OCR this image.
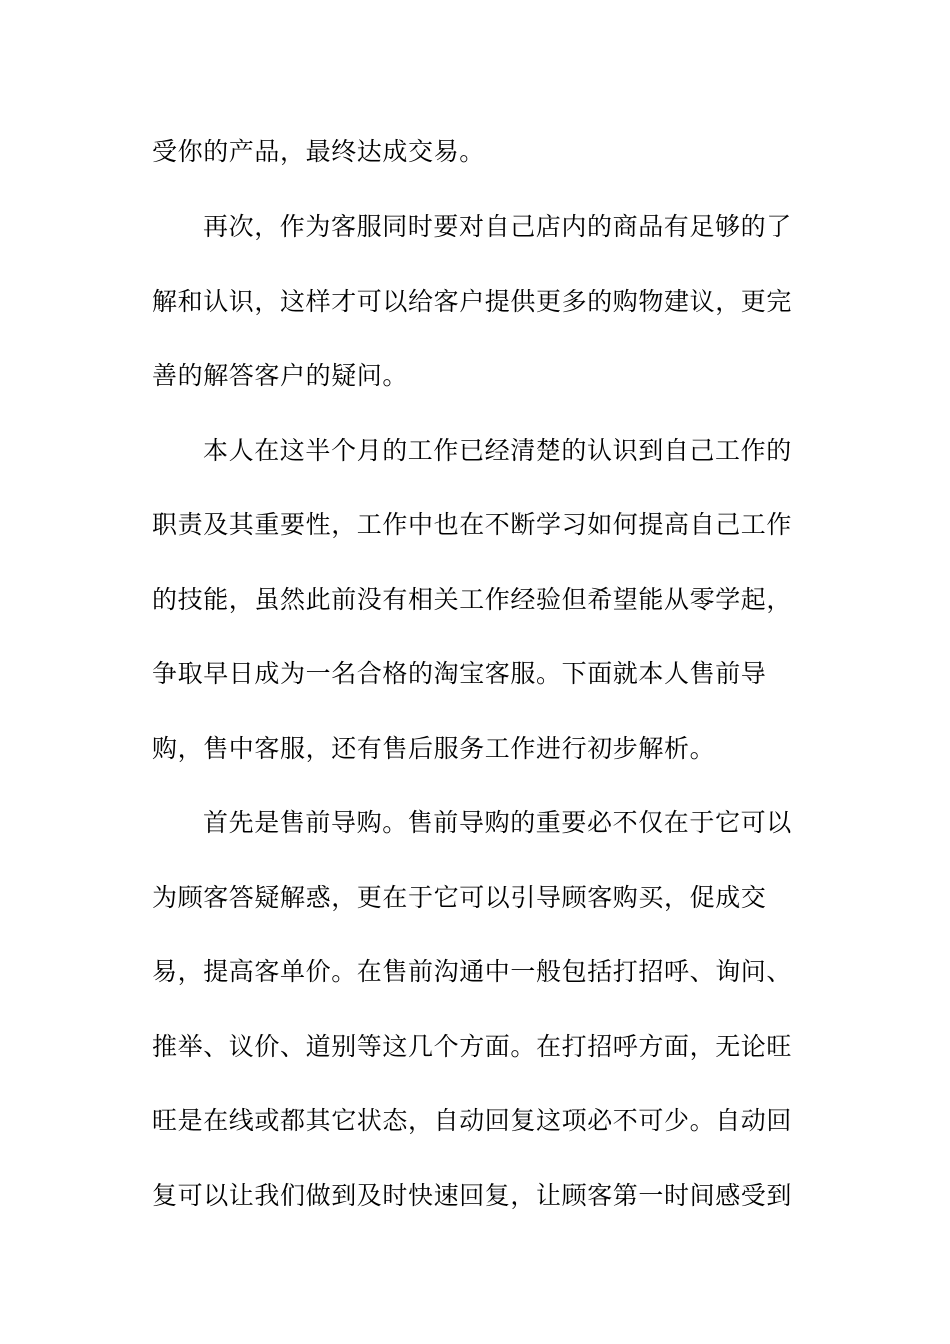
受你的产品，最终达成交易。

再次，作为客服同时要对自己店内的商品有足够的了

解和认识，这样才可以给客户提供更多的购物建议，更完

善的解答客户的疑问。

本人在这半个月的工作已经清楚的认识到自己工作的

职责及其重要性，工作中也在不断学习如何提高自己工作

的技能，虽然此前没有相关工作经验但希望能从零学起，

争取早日成为一名合格的淘宝客服。下面就本人售前导

购，售中客服，还有售后服务工作进行初步解析。

首先是售前导购。售前导购的重要必不仅在于它可以

为顾客答疑解惑，更在于它可以引导顾客购买，促成交

易，提高客单价。在售前沟通中一般包括打招呼、询问、

推举、议价、道别等这几个方面。在打招呼方面，无论旺

旺是在线或都其它状态，自动回复这项必不可少。自动回

复可以让我们做到及时快速回复，让顾客第一时间感受到
